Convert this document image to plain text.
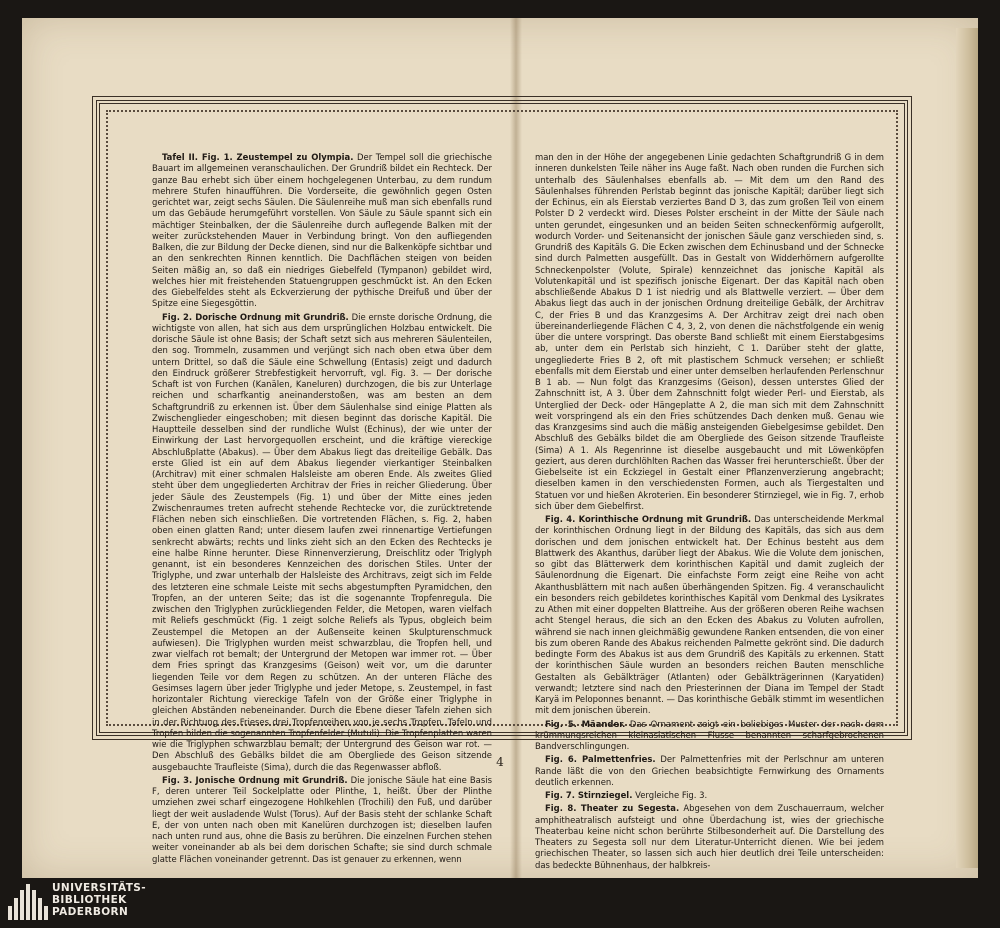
Tafel II. Fig. 1. Zeustempel zu Olympia. Der Tempel soll die griechische Bauart im allgemeinen veranschaulichen. Der Grundriß bildet ein Rechteck. Der ganze Bau erhebt sich über einem hochgelegenen Unterbau, zu dem rundum mehrere Stufen hinaufführen. Die Vorderseite, die gewöhnlich gegen Osten gerichtet war, zeigt sechs Säulen. Die Säulenreihe muß man sich ebenfalls rund um das Gebäude herumgeführt vorstellen. Von Säule zu Säule spannt sich ein mächtiger Steinbalken, der die Säulenreihe durch auflegende Balken mit der weiter zurückstehenden Mauer in Verbindung bringt. Von den aufliegenden Balken, die zur Bildung der Decke dienen, sind nur die Balkenköpfe sichtbar und an den senkrechten Rinnen kenntlich. Die Dachflächen steigen von beiden Seiten mäßig an, so daß ein niedriges Giebelfeld (Tympanon) gebildet wird, welches hier mit freistehenden Statuengruppen geschmückt ist. An den Ecken des Giebelfeldes steht als Eckverzierung der pythische Dreifuß und über der Spitze eine Siegesgöttin.

Fig. 2. Dorische Ordnung mit Grundriß. Die ernste dorische Ordnung, die wichtigste von allen, hat sich aus dem ursprünglichen Holzbau entwickelt. Die dorische Säule ist ohne Basis; der Schaft setzt sich aus mehreren Säulenteilen, den sog. Trommeln, zusammen und verjüngt sich nach oben etwa über dem untern Drittel, so daß die Säule eine Schwellung (Entasis) zeigt und dadurch den Eindruck größerer Strebfestigkeit hervorruft, vgl. Fig. 3. — Der dorische Schaft ist von Furchen (Kanälen, Kaneluren) durchzogen, die bis zur Unterlage reichen und scharfkantig aneinanderstoßen, was am besten an dem Schaftgrundriß zu erkennen ist. Über dem Säulenhalse sind einige Platten als Zwischenglieder eingeschoben; mit diesen beginnt das dorische Kapitäl. Die Hauptteile desselben sind der rundliche Wulst (Echinus), der wie unter der Einwirkung der Last hervorgequollen erscheint, und die kräftige viereckige Abschlußplatte (Abakus). — Über dem Abakus liegt das dreiteilige Gebälk. Das erste Glied ist ein auf dem Abakus liegender vierkantiger Steinbalken (Architrav) mit einer schmalen Halsleiste am oberen Ende. Als zweites Glied steht über dem ungegliederten Architrav der Fries in reicher Gliederung. Über jeder Säule des Zeustempels (Fig. 1) und über der Mitte eines jeden Zwischenraumes treten aufrecht stehende Rechtecke vor, die zurücktretende Flächen neben sich einschließen. Die vortretenden Flächen, s. Fig. 2, haben oben einen glatten Rand; unter diesem laufen zwei rinnenartige Vertiefungen senkrecht abwärts; rechts und links zieht sich an den Ecken des Rechtecks je eine halbe Rinne herunter. Diese Rinnenverzierung, Dreischlitz oder Triglyph genannt, ist ein besonderes Kennzeichen des dorischen Stiles. Unter der Triglyphe, und zwar unterhalb der Halsleiste des Architravs, zeigt sich im Felde des letzteren eine schmale Leiste mit sechs abgestumpften Pyramidchen, den Tropfen, an der unteren Seite; das ist die sogenannte Tropfenregula. Die zwischen den Triglyphen zurückliegenden Felder, die Metopen, waren vielfach mit Reliefs geschmückt (Fig. 1 zeigt solche Reliefs als Typus, obgleich beim Zeustempel die Metopen an der Außenseite keinen Skulpturenschmuck aufwiesen). Die Triglyphen wurden meist schwarzblau, die Tropfen hell, und zwar vielfach rot bemalt; der Untergrund der Metopen war immer rot. — Über dem Fries springt das Kranzgesims (Geison) weit vor, um die darunter liegenden Teile vor dem Regen zu schützen. An der unteren Fläche des Gesimses lagern über jeder Triglyphe und jeder Metope, s. Zeustempel, in fast horizontaler Richtung viereckige Tafeln von der Größe einer Triglyphe in gleichen Abständen nebeneinander. Durch die Ebene dieser Tafeln ziehen sich in der Richtung des Frieses drei Tropfenreihen von je sechs Tropfen. Tafeln und Tropfen bilden die sogenannten Tropfenfelder (Mutuli). Die Tropfenplatten waren wie die Triglyphen schwarzblau bemalt; der Untergrund des Geison war rot. — Den Abschluß des Gebälks bildet die am Obergliede des Geison sitzende ausgebauchte Traufleiste (Sima), durch die das Regenwasser abfloß.

Fig. 3. Jonische Ordnung mit Grundriß. Die jonische Säule hat eine Basis F, deren unterer Teil Sockelplatte oder Plinthe, 1, heißt. Über der Plinthe umziehen zwei scharf eingezogene Hohlkehlen (Trochili) den Fuß, und darüber liegt der weit ausladende Wulst (Torus). Auf der Basis steht der schlanke Schaft E, der von unten nach oben mit Kanelüren durchzogen ist; dieselben laufen nach unten rund aus, ohne die Basis zu berühren. Die einzelnen Furchen stehen weiter voneinander ab als bei dem dorischen Schafte; sie sind durch schmale glatte Flächen voneinander getrennt. Das ist genauer zu erkennen, wenn

man den in der Höhe der angegebenen Linie gedachten Schaftgrundriß G in dem inneren dunkelsten Teile näher ins Auge faßt. Nach oben runden die Furchen sich unterhalb des Säulenhalses ebenfalls ab. — Mit dem um den Rand des Säulenhalses führenden Perlstab beginnt das jonische Kapitäl; darüber liegt sich der Echinus, ein als Eierstab verziertes Band D 3, das zum großen Teil von einem Polster D 2 verdeckt wird. Dieses Polster erscheint in der Mitte der Säule nach unten gerundet, eingesunken und an beiden Seiten schneckenförmig aufgerollt, wodurch Vorder- und Seitenansicht der jonischen Säule ganz verschieden sind, s. Grundriß des Kapitäls G. Die Ecken zwischen dem Echinusband und der Schnecke sind durch Palmetten ausgefüllt. Das in Gestalt von Widderhörnern aufgerollte Schneckenpolster (Volute, Spirale) kennzeichnet das jonische Kapitäl als Volutenkapitäl und ist spezifisch jonische Eigenart. Der das Kapitäl nach oben abschließende Abakus D 1 ist niedrig und als Blattwelle verziert. — Über dem Abakus liegt das auch in der jonischen Ordnung dreiteilige Gebälk, der Architrav C, der Fries B und das Kranzgesims A. Der Architrav zeigt drei nach oben übereinanderliegende Flächen C 4, 3, 2, von denen die nächstfolgende ein wenig über die untere vorspringt. Das oberste Band schließt mit einem Eierstabgesims ab, unter dem ein Perlstab sich hinzieht, C 1. Darüber steht der glatte, ungegliederte Fries B 2, oft mit plastischem Schmuck versehen; er schließt ebenfalls mit dem Eierstab und einer unter demselben herlaufenden Perlenschnur B 1 ab. — Nun folgt das Kranzgesims (Geison), dessen unterstes Glied der Zahnschnitt ist, A 3. Über dem Zahnschnitt folgt wieder Perl- und Eierstab, als Unterglied der Deck- oder Hängeplatte A 2, die man sich mit dem Zahnschnitt weit vorspringend als ein den Fries schützendes Dach denken muß. Genau wie das Kranzgesims sind auch die mäßig ansteigenden Giebelgesimse gebildet. Den Abschluß des Gebälks bildet die am Obergliede des Geison sitzende Traufleiste (Sima) A 1. Als Regenrinne ist dieselbe ausgebaucht und mit Löwenköpfen geziert, aus deren durchlöhlten Rachen das Wasser frei herunterschießt. Über der Giebelseite ist ein Eckziegel in Gestalt einer Pflanzenverzierung angebracht; dieselben kamen in den verschiedensten Formen, auch als Tiergestalten und Statuen vor und hießen Akroterien. Ein besonderer Stirnziegel, wie in Fig. 7, erhob sich über dem Giebelfirst.

Fig. 4. Korinthische Ordnung mit Grundriß. Das unterscheidende Merkmal der korinthischen Ordnung liegt in der Bildung des Kapitäls, das sich aus dem dorischen und dem jonischen entwickelt hat. Der Echinus besteht aus dem Blattwerk des Akanthus, darüber liegt der Abakus. Wie die Volute dem jonischen, so gibt das Blätterwerk dem korinthischen Kapitäl und damit zugleich der Säulenordnung die Eigenart. Die einfachste Form zeigt eine Reihe von acht Akanthusblättern mit nach außen überhängenden Spitzen. Fig. 4 veranschaulicht ein besonders reich gebildetes korinthisches Kapitäl vom Denkmal des Lysikrates zu Athen mit einer doppelten Blattreihe. Aus der größeren oberen Reihe wachsen acht Stengel heraus, die sich an den Ecken des Abakus zu Voluten aufrollen, während sie nach innen gleichmäßig gewundene Ranken entsenden, die von einer bis zum oberen Rande des Abakus reichenden Palmette gekrönt sind. Die dadurch bedingte Form des Abakus ist aus dem Grundriß des Kapitäls zu erkennen. Statt der korinthischen Säule wurden an besonders reichen Bauten menschliche Gestalten als Gebälkträger (Atlanten) oder Gebälkträgerinnen (Karyatiden) verwandt; letztere sind nach den Priesterinnen der Diana im Tempel der Stadt Karyä im Peloponnes benannt. — Das korinthische Gebälk stimmt im wesentlichen mit dem jonischen überein.

Fig. 5. Mäander. Das Ornament zeigt ein beliebiges Muster der nach dem krümmungsreichen kleinasiatischen Flusse benannten scharfgebrochenen Bandverschlingungen.

Fig. 6. Palmettenfries. Der Palmettenfries mit der Perlschnur am unteren Rande läßt die von den Griechen beabsichtigte Fernwirkung des Ornaments deutlich erkennen.

Fig. 7. Stirnziegel. Vergleiche Fig. 3.

Fig. 8. Theater zu Segesta. Abgesehen von dem Zuschauerraum, welcher amphitheatralisch aufsteigt und ohne Überdachung ist, wies der griechische Theaterbau keine nicht schon berührte Stilbesonderheit auf. Die Darstellung des Theaters zu Segesta soll nur dem Literatur-Unterricht dienen. Wie bei jedem griechischen Theater, so lassen sich auch hier deutlich drei Teile unterscheiden: das bedeckte Bühnenhaus, der halbkreis-

4
UNIVERSITÄTS-
BIBLIOTHEK
PADERBORN
